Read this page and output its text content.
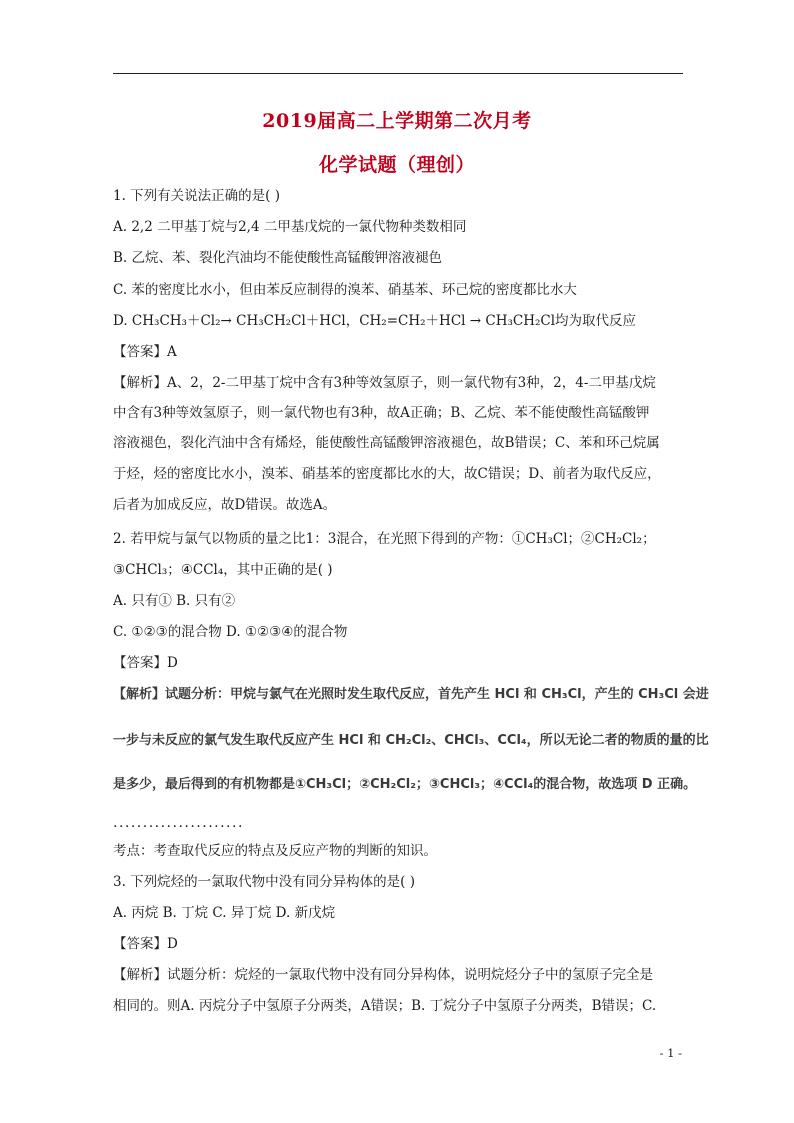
2019届高二上学期第二次月考
化学试题（理创）
1. 下列有关说法正确的是( )
A. 2,2 二甲基丁烷与2,4 二甲基戊烷的一氯代物种类数相同
B. 乙烷、苯、裂化汽油均不能使酸性高锰酸钾溶液褪色
C. 苯的密度比水小，但由苯反应制得的溴苯、硝基苯、环己烷的密度都比水大
D. CH₃CH₃＋Cl₂→ CH₃CH₂Cl＋HCl，CH₂=CH₂＋HCl → CH₃CH₂Cl均为取代反应
【答案】A
【解析】A、2，2-二甲基丁烷中含有3种等效氢原子，则一氯代物有3种，2，4-二甲基戊烷
中含有3种等效氢原子，则一氯代物也有3种，故A正确；B、乙烷、苯不能使酸性高锰酸钾
溶液褪色，裂化汽油中含有烯烃，能使酸性高锰酸钾溶液褪色，故B错误；C、苯和环己烷属
于烃，烃的密度比水小，溴苯、硝基苯的密度都比水的大，故C错误；D、前者为取代反应，
后者为加成反应，故D错误。故选A。
2. 若甲烷与氯气以物质的量之比1：3混合，在光照下得到的产物：①CH₃Cl；②CH₂Cl₂；
③CHCl₃；④CCl₄，其中正确的是( )
A. 只有① B. 只有②
C. ①②③的混合物 D. ①②③④的混合物
【答案】D
【解析】试题分析：甲烷与氯气在光照时发生取代反应，首先产生 HCl 和 CH₃Cl，产生的 CH₃Cl 会进
一步与未反应的氯气发生取代反应产生 HCl 和 CH₂Cl₂、CHCl₃、CCl₄，所以无论二者的物质的量的比
是多少，最后得到的有机物都是①CH₃Cl；②CH₂Cl₂；③CHCl₃；④CCl₄的混合物，故选项 D 正确。
......................
考点：考查取代反应的特点及反应产物的判断的知识。
3. 下列烷烃的一氯取代物中没有同分异构体的是( )
A. 丙烷 B. 丁烷 C. 异丁烷 D. 新戊烷
【答案】D
【解析】试题分析：烷烃的一氯取代物中没有同分异构体，说明烷烃分子中的氢原子完全是
相同的。则A. 丙烷分子中氢原子分两类，A错误；B. 丁烷分子中氢原子分两类，B错误；C.
- 1 -
